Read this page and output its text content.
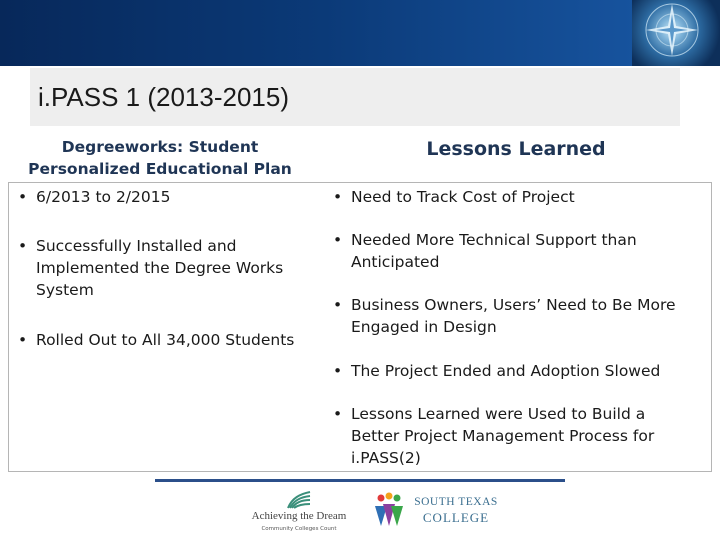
i.PASS 1 (2013-2015)
Degreeworks: Student Personalized Educational Plan
Lessons Learned
• 6/2013 to 2/2015
• Successfully Installed and Implemented the Degree Works System
• Rolled Out to All 34,000 Students
• Need to Track Cost of Project
• Needed More Technical Support than Anticipated
• Business Owners, Users’ Need to Be More Engaged in Design
• The Project Ended and Adoption Slowed
• Lessons Learned were Used to Build a Better Project Management Process for i.PASS(2)
Achieving the Dream
Community Colleges Count
SOUTH TEXAS
COLLEGE
